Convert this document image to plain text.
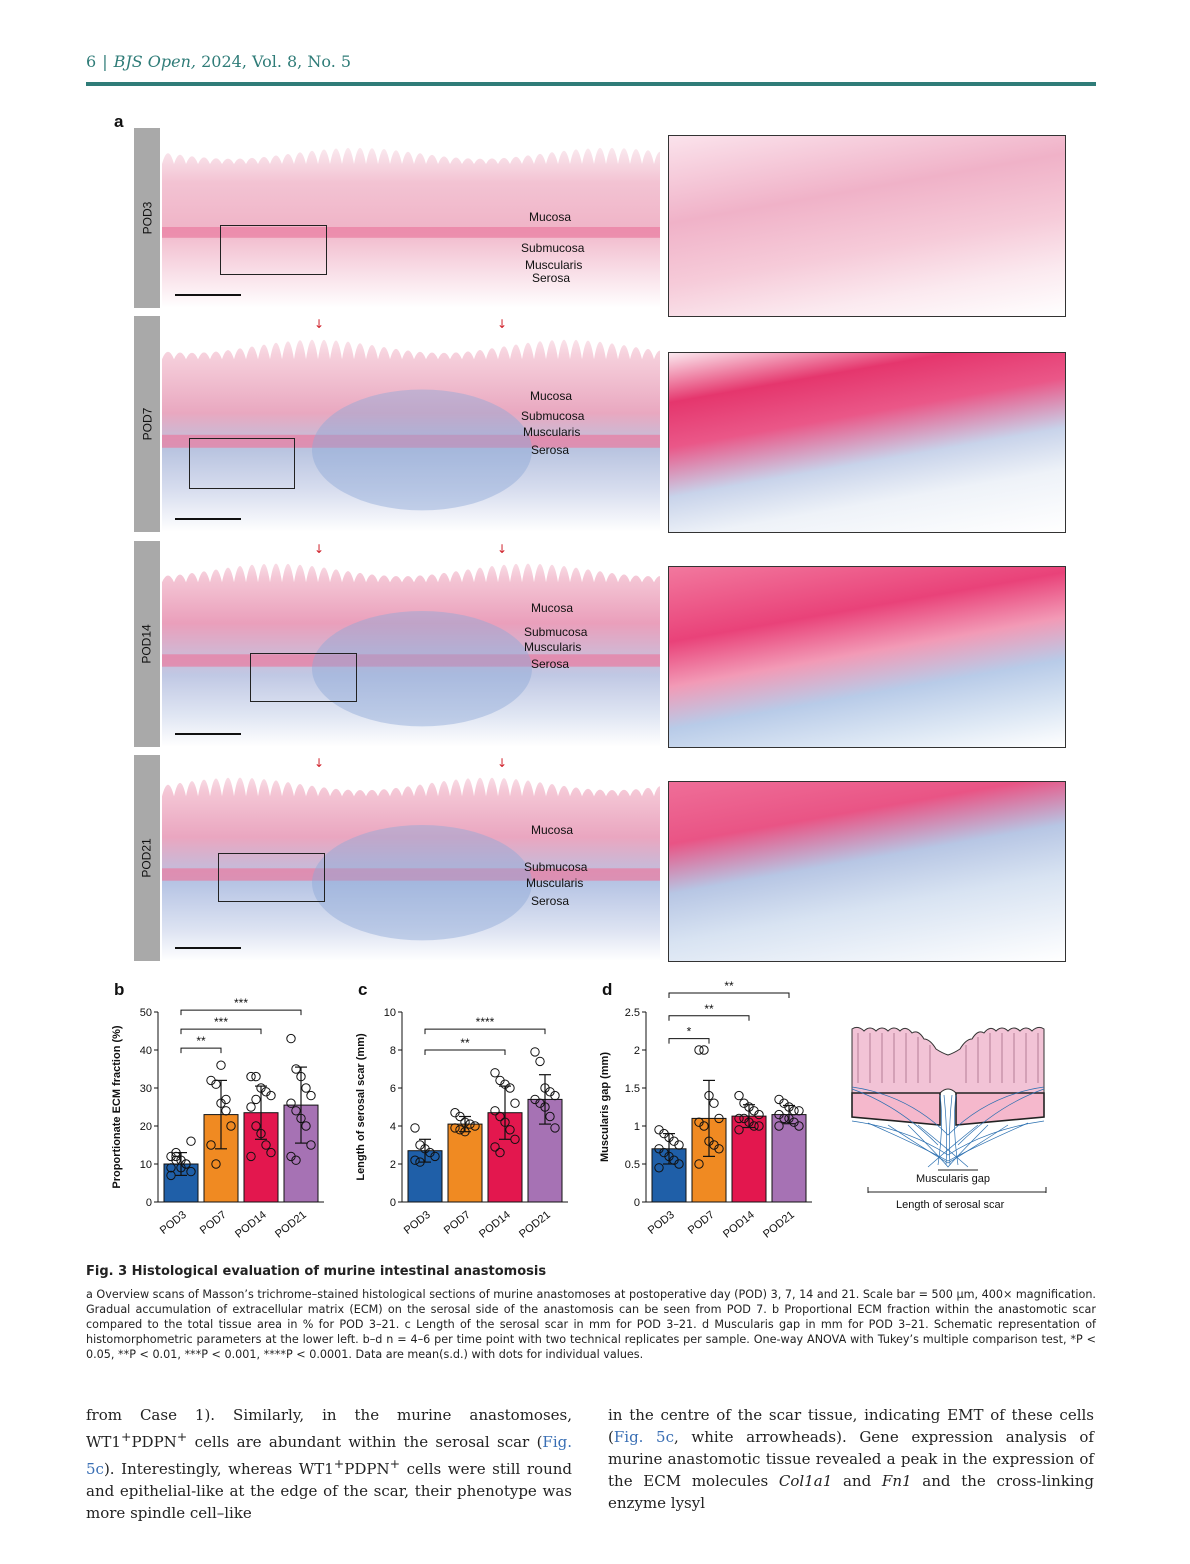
6 | BJS Open, 2024, Vol. 8, No. 5
a
POD3	Mucosa
Submucosa
Muscularis
Serosa
POD7
Mucosa
Submucosa
Muscularis
Serosa
↓	↓
POD14
Mucosa
Submucosa
Muscularis
Serosa
↓	↓
POD21
Mucosa
Submucosa
Muscularis
Serosa
↓	↓
b
0
10
20
30
40
50
Proportionate ECM fraction (%)
POD3 POD7 POD14 POD21
**
***
***
c
0
2
4
6
8
10
Length of serosal scar (mm)
POD3 POD7 POD14 POD21
**
****
d
0
0.5
1
1.5
2
2.5
Muscularis gap (mm)
POD3 POD7 POD14 POD21
*
**
**
Muscularis gap
Length of serosal scar
Fig. 3 Histological evaluation of murine intestinal anastomosis
a Overview scans of Masson’s trichrome–stained histological sections of murine anastomoses at postoperative day (POD) 3, 7, 14 and 21. Scale bar = 500 µm, 400× magnification. Gradual accumulation of extracellular matrix (ECM) on the serosal side of the anastomosis can be seen from POD 7. b Proportional ECM fraction within the anastomotic scar compared to the total tissue area in % for POD 3–21. c Length of the serosal scar in mm for POD 3–21. d Muscularis gap in mm for POD 3–21. Schematic representation of histomorphometric parameters at the lower left. b–d n = 4–6 per time point with two technical replicates per sample. One-way ANOVA with Tukey’s multiple comparison test, *P < 0.05, **P < 0.01, ***P < 0.001, ****P < 0.0001. Data are mean(s.d.) with dots for individual values.
from Case 1). Similarly, in the murine anastomoses, WT1+PDPN+ cells are abundant within the serosal scar (Fig. 5c). Interestingly, whereas WT1+PDPN+ cells were still round and epithelial-like at the edge of the scar, their phenotype was more spindle cell–like
in the centre of the scar tissue, indicating EMT of these cells (Fig. 5c, white arrowheads). Gene expression analysis of murine anastomotic tissue revealed a peak in the expression of the ECM molecules Col1a1 and Fn1 and the cross-linking enzyme lysyl
